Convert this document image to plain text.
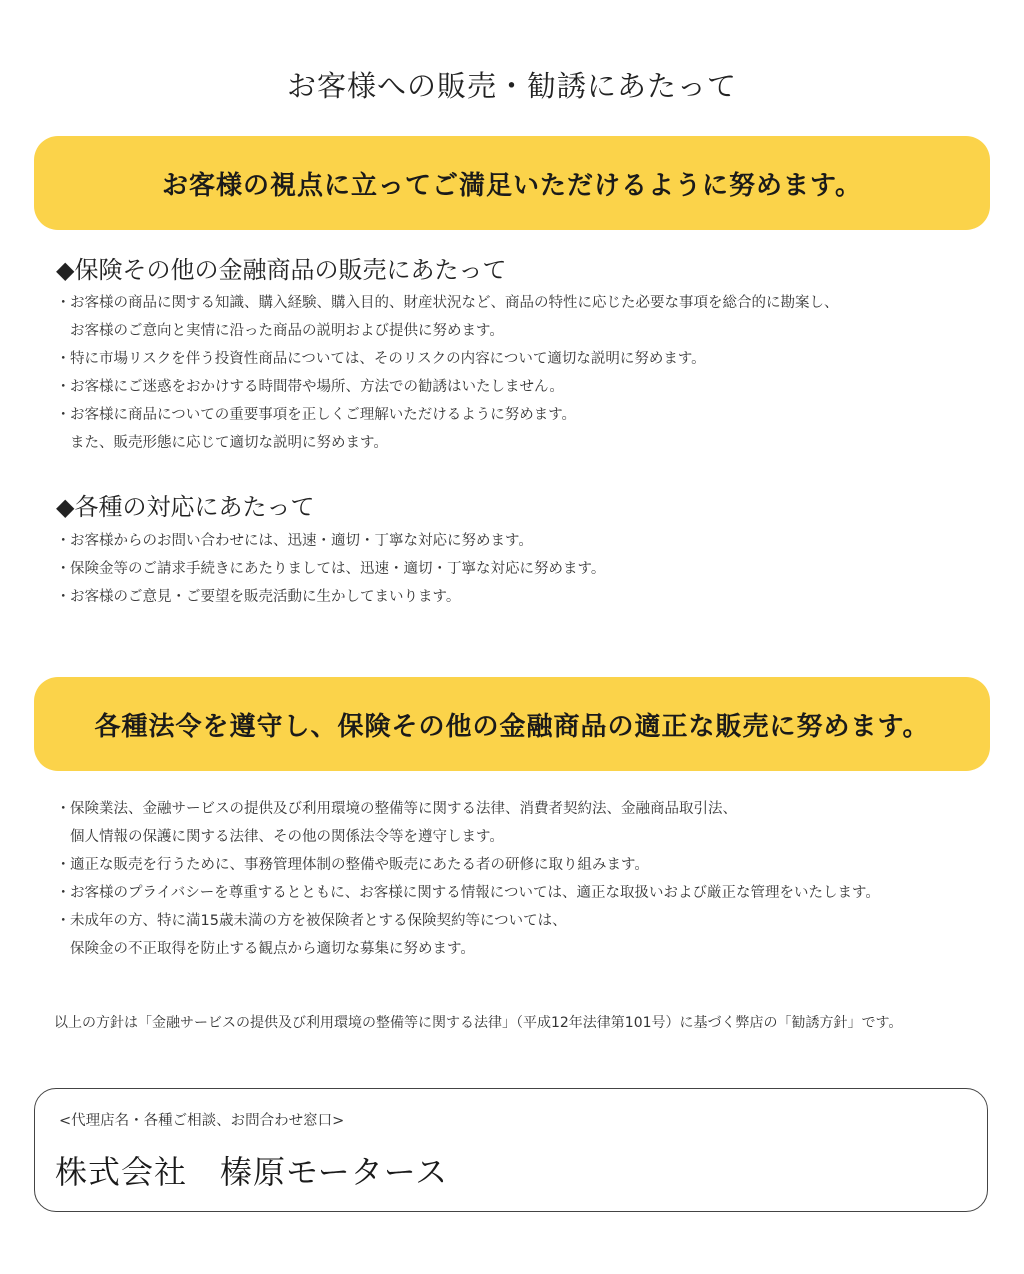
お客様への販売・勧誘にあたって
お客様の視点に立ってご満足いただけるように努めます。
◆保険その他の金融商品の販売にあたって
・ お客様の商品に関する知識、購入経験、購入目的、財産状況など、商品の特性に応じた必要な事項を総合的に勘案し、
お客様のご意向と実情に沿った商品の説明および提供に努めます。
・ 特に市場リスクを伴う投資性商品については、そのリスクの内容について適切な説明に努めます。
・ お客様にご迷惑をおかけする時間帯や場所、方法での勧誘はいたしません。
・ お客様に商品についての重要事項を正しくご理解いただけるように努めます。
また、販売形態に応じて適切な説明に努めます。
◆各種の対応にあたって
・ お客様からのお問い合わせには、迅速・適切・丁寧な対応に努めます。
・ 保険金等のご請求手続きにあたりましては、迅速・適切・丁寧な対応に努めます。
・ お客様のご意見・ご要望を販売活動に生かしてまいります。
各種法令を遵守し、保険その他の金融商品の適正な販売に努めます。
・ 保険業法、金融サービスの提供及び利用環境の整備等に関する法律、消費者契約法、金融商品取引法、
個人情報の保護に関する法律、その他の関係法令等を遵守します。
・ 適正な販売を行うために、事務管理体制の整備や販売にあたる者の研修に取り組みます。
・ お客様のプライバシーを尊重するとともに、お客様に関する情報については、適正な取扱いおよび厳正な管理をいたします。
・ 未成年の方、特に満15歳未満の方を被保険者とする保険契約等については、
保険金の不正取得を防止する観点から適切な募集に努めます。
以上の方針は「金融サービスの提供及び利用環境の整備等に関する法律」（平成12年法律第101号）に基づく弊店の「勧誘方針」です。
<代理店名・各種ご相談、お問合わせ窓口>
株式会社　榛原モータース
